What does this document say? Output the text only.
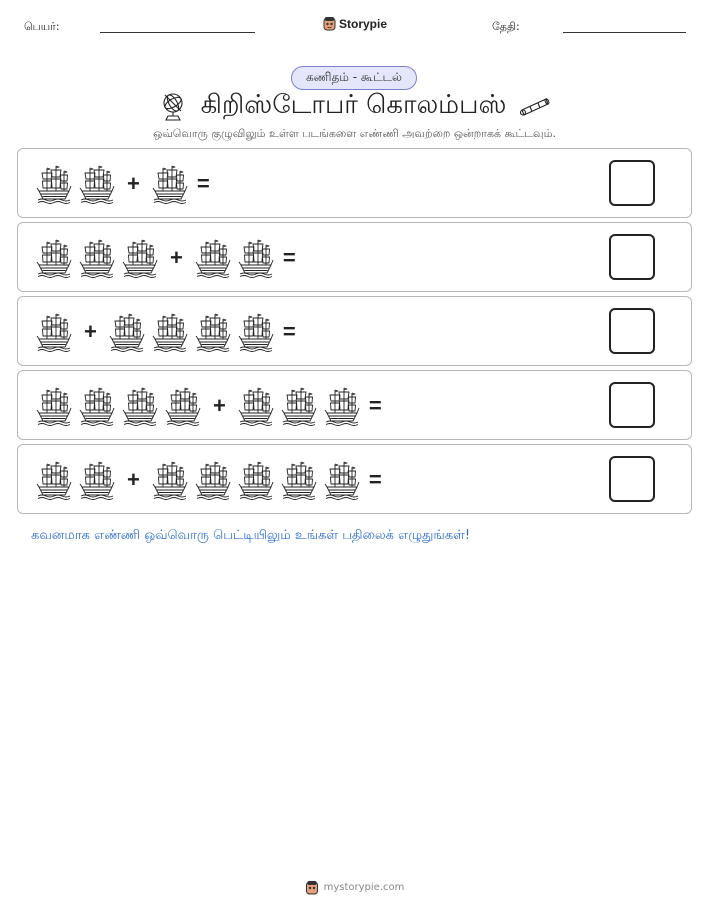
பெயர்:	Storypie	தேதி:
கணிதம் - கூட்டல்
கிறிஸ்டோபர் கொலம்பஸ்
ஒவ்வொரு குழுவிலும் உள்ள படங்களை எண்ணி அவற்றை ஒன்றாகக் கூட்டவும்.
+	=
+	=
+	=
+	=
+	=
கவனமாக எண்ணி ஒவ்வொரு பெட்டியிலும் உங்கள் பதிலைக் எழுதுங்கள்!
mystorypie.com
